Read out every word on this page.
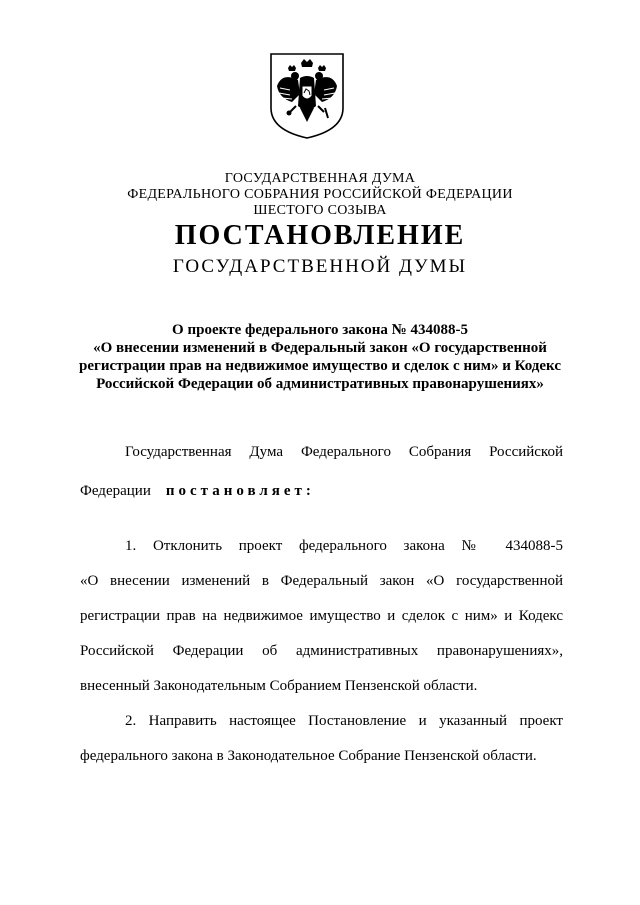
ГОСУДАРСТВЕННАЯ ДУМА
ФЕДЕРАЛЬНОГО СОБРАНИЯ РОССИЙСКОЙ ФЕДЕРАЦИИ
ШЕСТОГО СОЗЫВА
ПОСТАНОВЛЕНИЕ
ГОСУДАРСТВЕННОЙ ДУМЫ
О проекте федерального закона № 434088-5
«О внесении изменений в Федеральный закон «О государственной
регистрации прав на недвижимое имущество и сделок с ним» и Кодекс
Российской Федерации об административных правонарушениях»
Государственная Дума Федерального Собрания Российской
Федерации постановляет:
1. Отклонить проект федерального закона № 434088-5
«О внесении изменений в Федеральный закон «О государственной
регистрации прав на недвижимое имущество и сделок с ним» и Кодекс
Российской Федерации об административных правонарушениях»,
внесенный Законодательным Собранием Пензенской области.
2. Направить настоящее Постановление и указанный проект
федерального закона в Законодательное Собрание Пензенской области.
